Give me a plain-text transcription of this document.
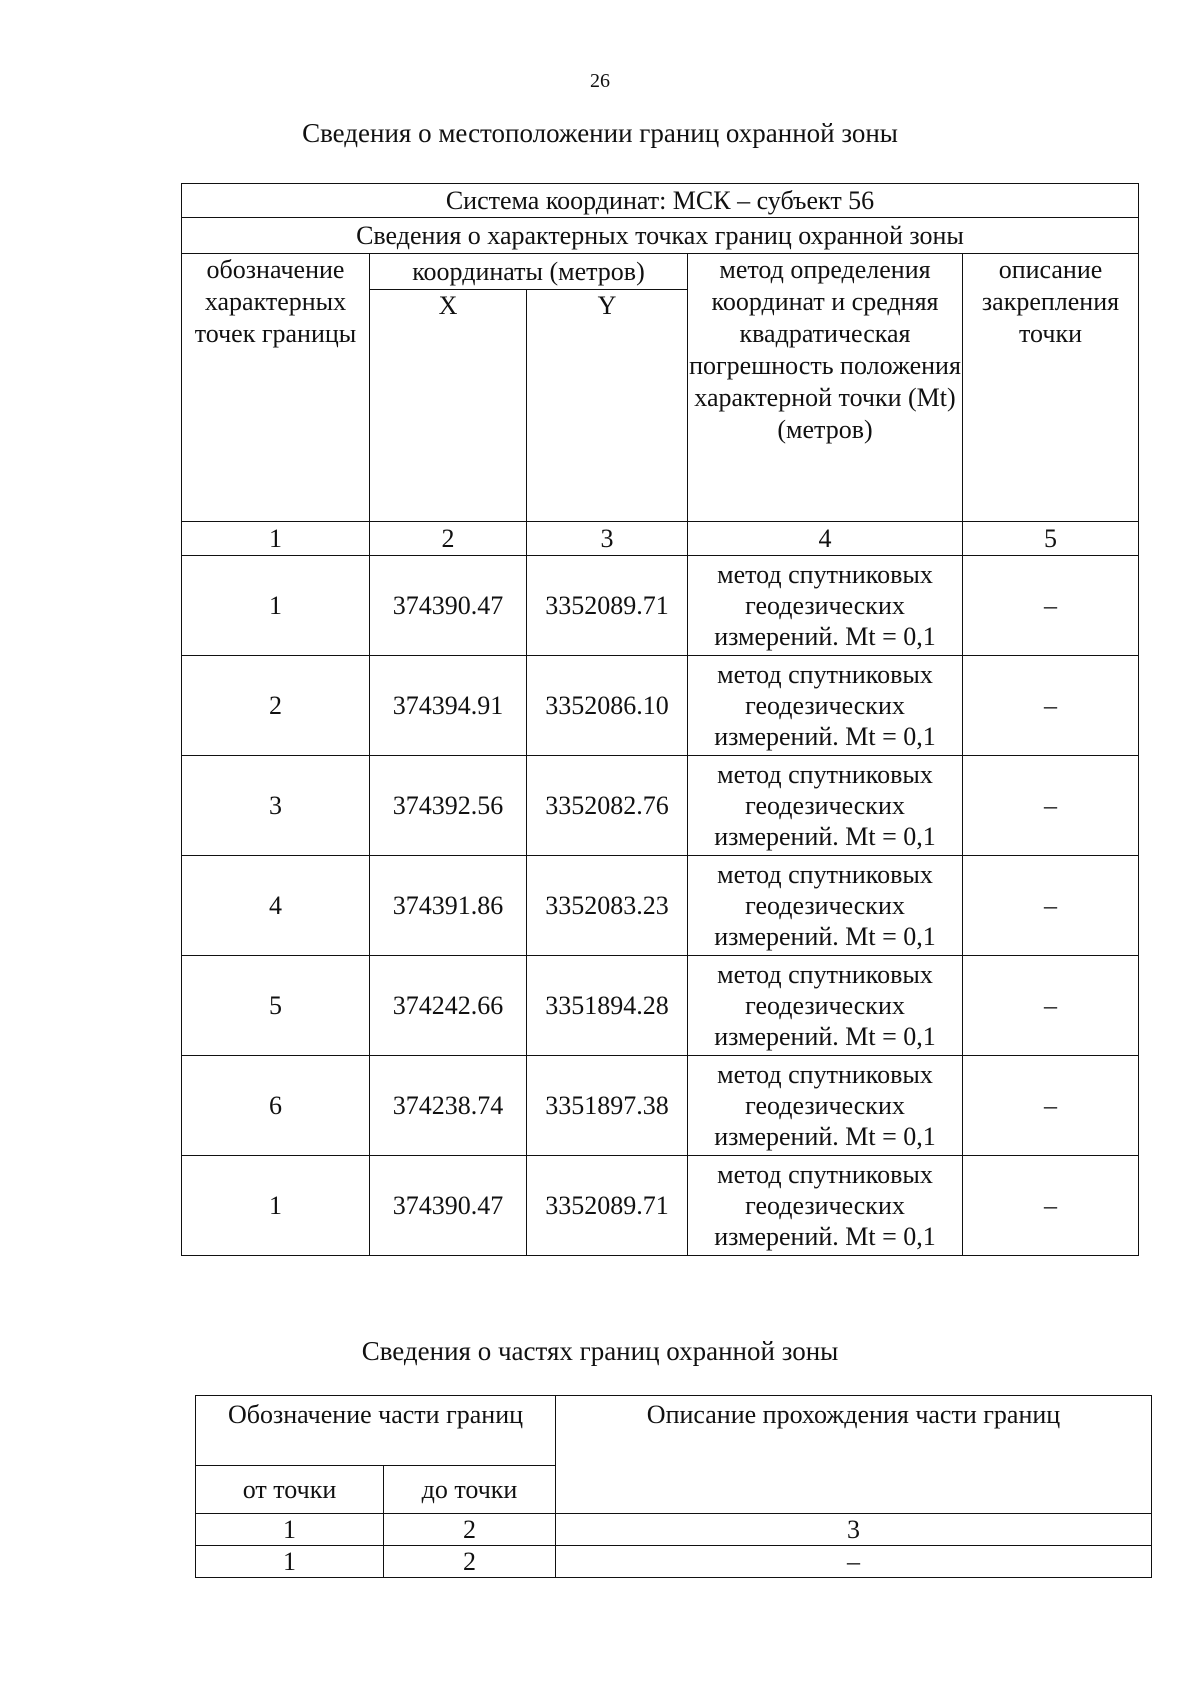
26
Сведения о местоположении границ охранной зоны
Система координат: МСК – субъект 56				
Сведения о характерных точках границ охранной зоны				
обозначение характерных точек границы	координаты (метров)		метод определения координат и средняя квадратическая погрешность положения характерной точки (Mt) (метров)	описание закрепления точки
	X	Y		
1	2	3	4	5
1	374390.47	3352089.71	метод спутниковых геодезических измерений. Mt = 0,1	–
2	374394.91	3352086.10	метод спутниковых геодезических измерений. Mt = 0,1	–
3	374392.56	3352082.76	метод спутниковых геодезических измерений. Mt = 0,1	–
4	374391.86	3352083.23	метод спутниковых геодезических измерений. Mt = 0,1	–
5	374242.66	3351894.28	метод спутниковых геодезических измерений. Mt = 0,1	–
6	374238.74	3351897.38	метод спутниковых геодезических измерений. Mt = 0,1	–
1	374390.47	3352089.71	метод спутниковых геодезических измерений. Mt = 0,1	–
Сведения о частях границ охранной зоны
Обозначение части границ		Описание прохождения части границ
от точки	до точки	
1	2	3
1	2	–
